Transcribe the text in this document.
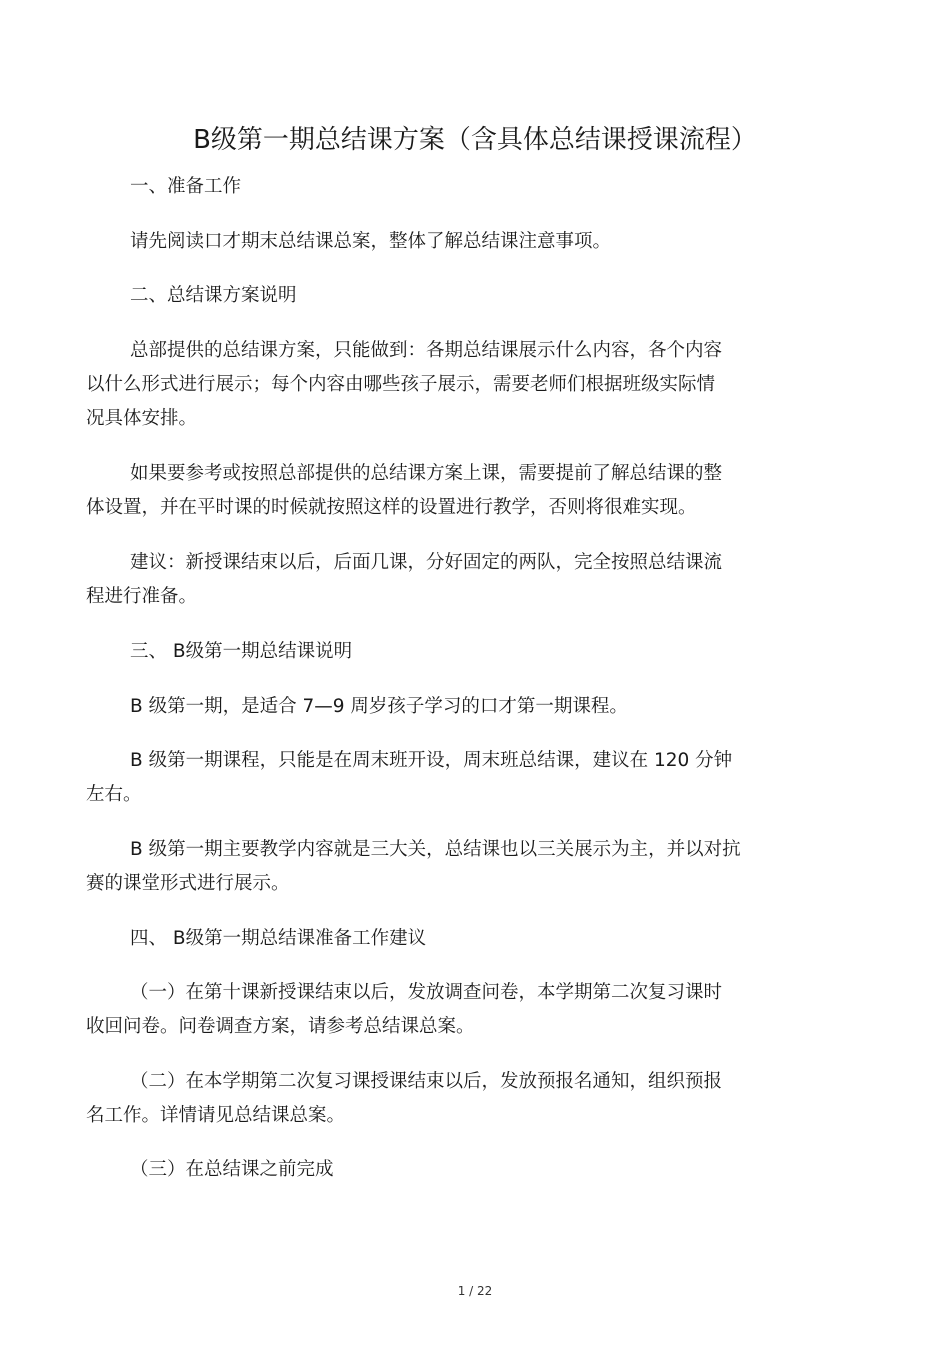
B级第一期总结课方案（含具体总结课授课流程）
一、准备工作
请先阅读口才期末总结课总案，整体了解总结课注意事项。
二、总结课方案说明
总部提供的总结课方案，只能做到：各期总结课展示什么内容，各个内容
以什么形式进行展示；每个内容由哪些孩子展示，需要老师们根据班级实际情
况具体安排。
如果要参考或按照总部提供的总结课方案上课，需要提前了解总结课的整
体设置，并在平时课的时候就按照这样的设置进行教学，否则将很难实现。
建议：新授课结束以后，后面几课，分好固定的两队，完全按照总结课流
程进行准备。
三、 B级第一期总结课说明
B 级第一期，是适合 7—9 周岁孩子学习的口才第一期课程。
B 级第一期课程，只能是在周末班开设，周末班总结课，建议在 120 分钟
左右。
B 级第一期主要教学内容就是三大关，总结课也以三关展示为主，并以对抗
赛的课堂形式进行展示。
四、 B级第一期总结课准备工作建议
（一）在第十课新授课结束以后，发放调查问卷，本学期第二次复习课时
收回问卷。问卷调查方案，请参考总结课总案。
（二）在本学期第二次复习课授课结束以后，发放预报名通知，组织预报
名工作。详情请见总结课总案。
（三）在总结课之前完成
1 / 22
